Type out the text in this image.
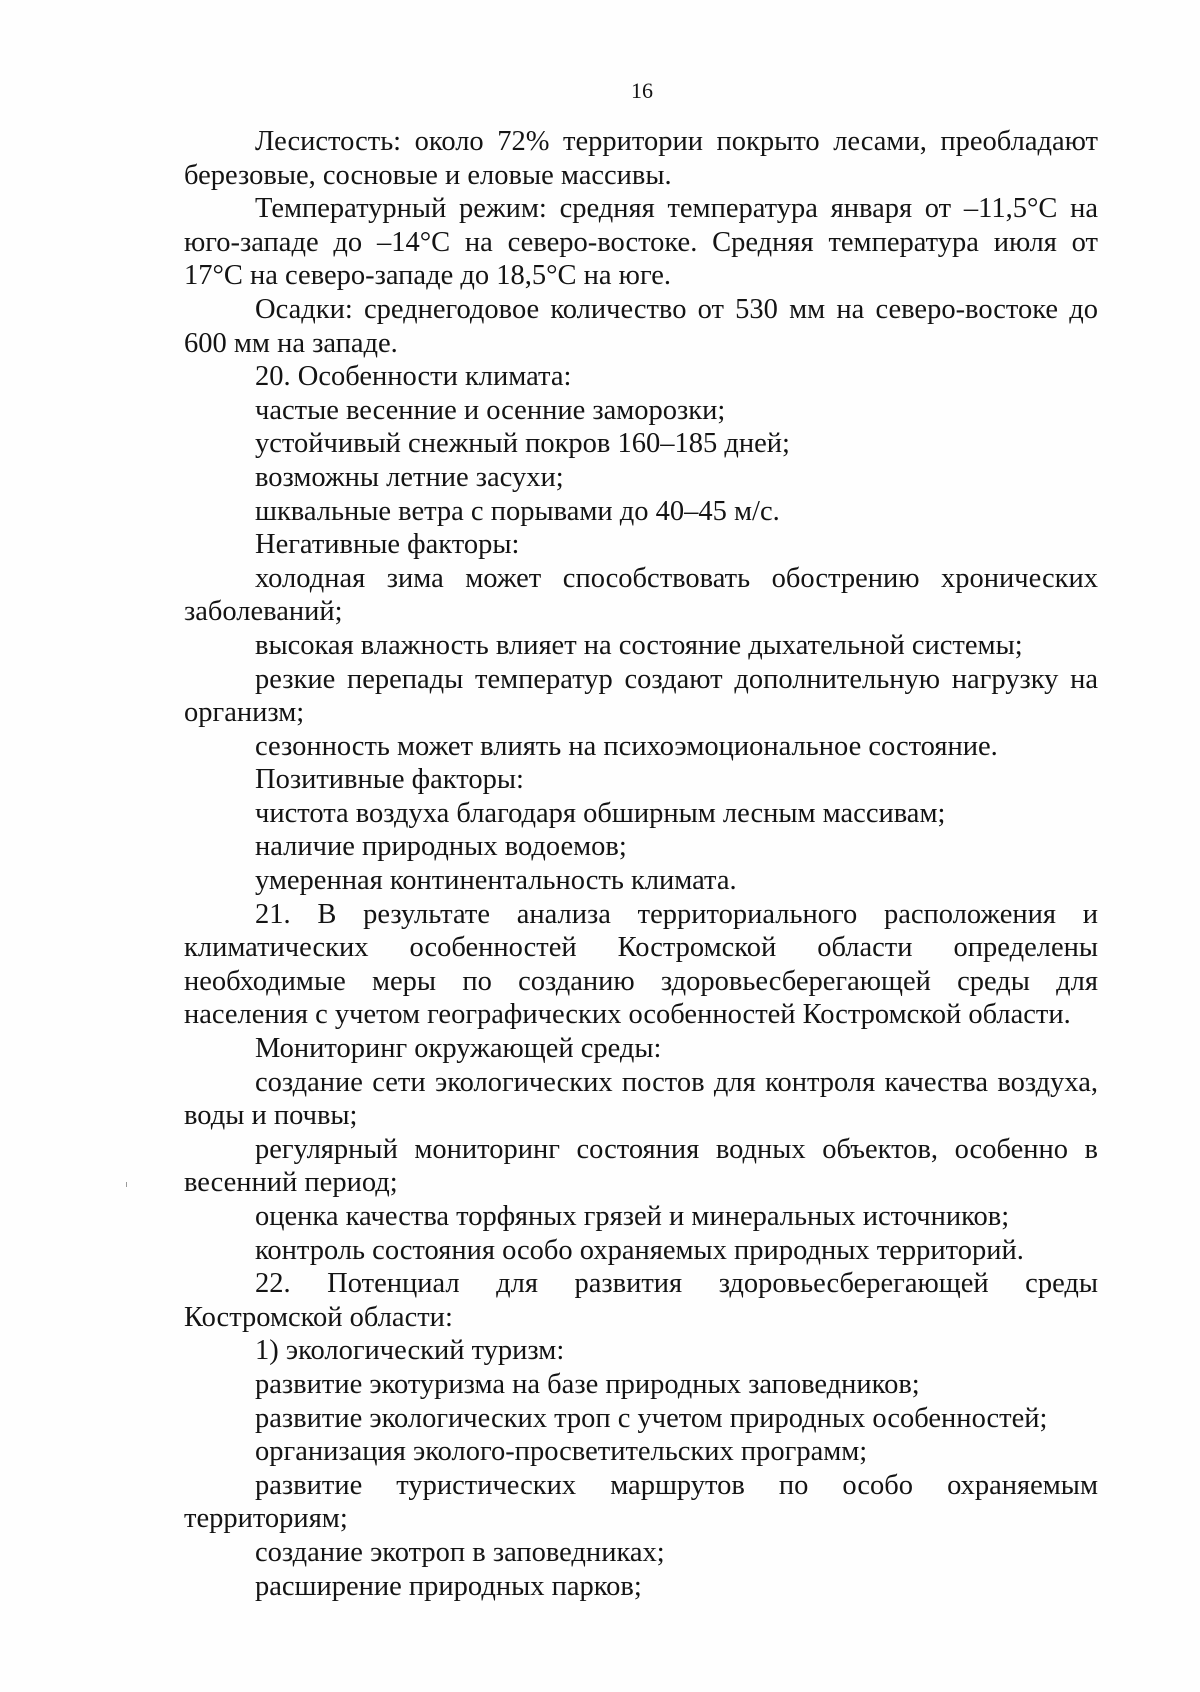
16

Лесистость: около 72% территории покрыто лесами, преобладают березовые, сосновые и еловые массивы.

Температурный режим: средняя температура января от –11,5°С на юго-западе до –14°С на северо-востоке. Средняя температура июля от 17°С на северо-западе до 18,5°С на юге.

Осадки: среднегодовое количество от 530 мм на северо-востоке до 600 мм на западе.

20. Особенности климата:

частые весенние и осенние заморозки;

устойчивый снежный покров 160–185 дней;

возможны летние засухи;

шквальные ветра с порывами до 40–45 м/с.

Негативные факторы:

холодная зима может способствовать обострению хронических заболеваний;

высокая влажность влияет на состояние дыхательной системы;

резкие перепады температур создают дополнительную нагрузку на организм;

сезонность может влиять на психоэмоциональное состояние.

Позитивные факторы:

чистота воздуха благодаря обширным лесным массивам;

наличие природных водоемов;

умеренная континентальность климата.

21. В результате анализа территориального расположения и климатических особенностей Костромской области определены необходимые меры по созданию здоровьесберегающей среды для населения с учетом географических особенностей Костромской области.

Мониторинг окружающей среды:

создание сети экологических постов для контроля качества воздуха, воды и почвы;

регулярный мониторинг состояния водных объектов, особенно в весенний период;

оценка качества торфяных грязей и минеральных источников;

контроль состояния особо охраняемых природных территорий.

22. Потенциал для развития здоровьесберегающей среды Костромской области:

1) экологический туризм:

развитие экотуризма на базе природных заповедников;

развитие экологических троп с учетом природных особенностей;

организация эколого-просветительских программ;

развитие туристических маршрутов по особо охраняемым территориям;

создание экотроп в заповедниках;

расширение природных парков;
